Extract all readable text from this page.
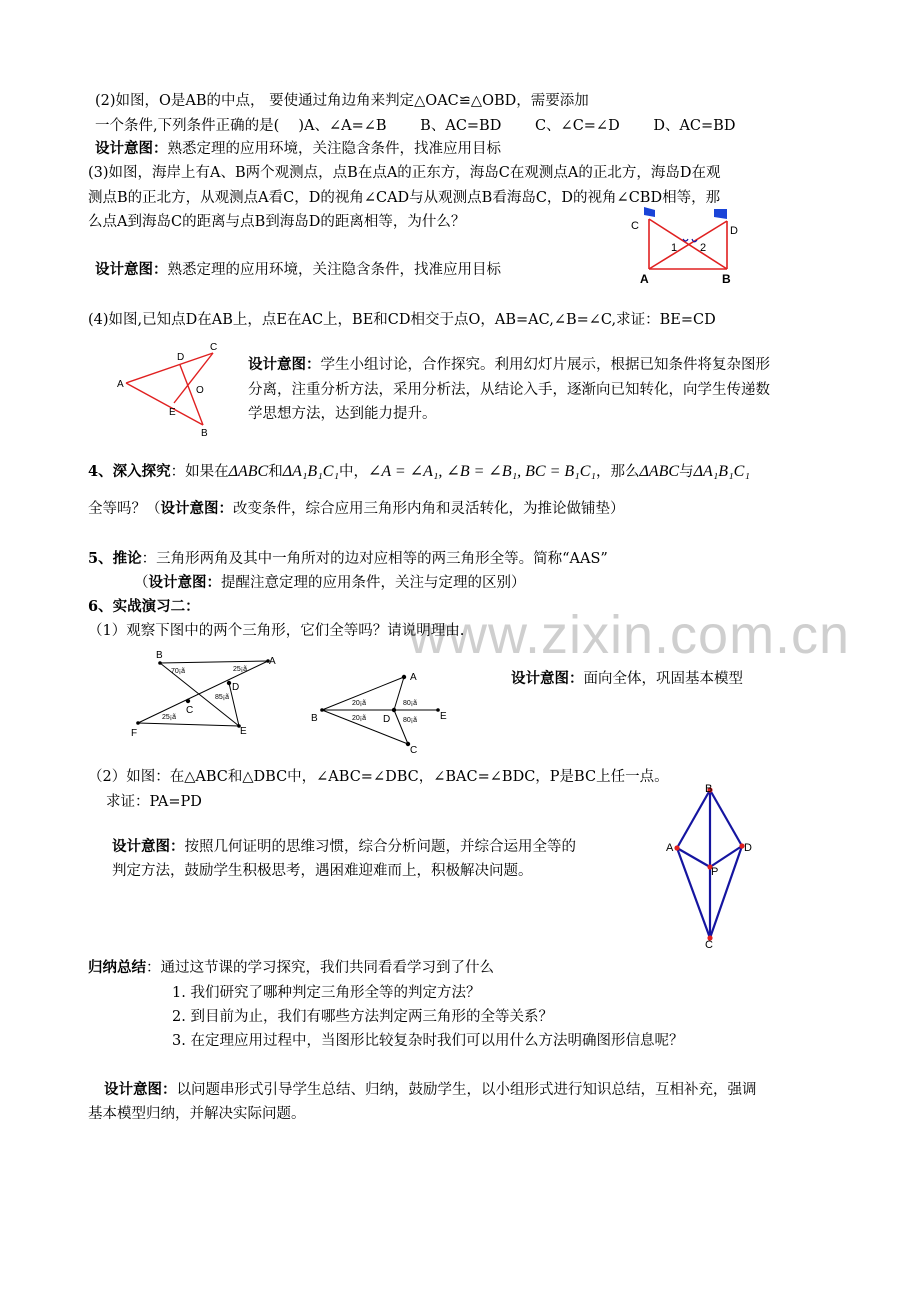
www.zixin.com.cn
(2)如图，O是AB的中点， 要使通过角边角来判定△OAC≌△OBD，需要添加
一个条件,下列条件正确的是(　 )A、∠A=∠B　　 B、AC=BD　　 C、∠C=∠D　　 D、AC=BD
设计意图：熟悉定理的应用环境，关注隐含条件，找准应用目标
(3)如图，海岸上有A、B两个观测点，点B在点A的正东方，海岛C在观测点A的正北方，海岛D在观
测点B的正北方，从观测点A看C，D的视角∠CAD与从观测点B看海岛C，D的视角∠CBD相等，那
么点A到海岛C的距离与点B到海岛D的距离相等，为什么？
设计意图：熟悉定理的应用环境，关注隐含条件，找准应用目标
C	D
1 2
A	B
(4)如图,已知点D在AB上，点E在AC上，BE和CD相交于点O，AB=AC,∠B=∠C,求证：BE=CD
C
D
A
O
E
B
设计意图：学生小组讨论，合作探究。利用幻灯片展示，根据已知条件将复杂图形
分离，注重分析方法，采用分析法，从结论入手，逐渐向已知转化，向学生传递数
学思想方法，达到能力提升。
4、深入探究：如果在ΔABC和ΔA₁B₁C₁中，∠A = ∠A₁, ∠B = ∠B₁, BC = B₁C₁，那么ΔABC与ΔA₁B₁C₁
全等吗？（设计意图：改变条件，综合应用三角形内角和灵活转化，为推论做铺垫）
5、推论：三角形两角及其中一角所对的边对应相等的两三角形全等。简称“AAS”
（设计意图：提醒注意定理的应用条件，关注与定理的区别）
6、实战演习二：
（1）观察下图中的两个三角形，它们全等吗？请说明理由.
B
A
D
C
F	E
70¡ã	25¡ã
85¡ã
25¡ã
A
B	D	E
C
20¡ã	80¡ã
20¡ã	80¡ã
设计意图：面向全体，巩固基本模型
（2）如图：在△ABC和△DBC中，∠ABC=∠DBC，∠BAC=∠BDC，P是BC上任一点。
求证：PA=PD
B
A	D
P
C
设计意图：按照几何证明的思维习惯，综合分析问题，并综合运用全等的
判定方法，鼓励学生积极思考，遇困难迎难而上，积极解决问题。
归纳总结：通过这节课的学习探究，我们共同看看学习到了什么
1. 我们研究了哪种判定三角形全等的判定方法？
2. 到目前为止，我们有哪些方法判定两三角形的全等关系？
3. 在定理应用过程中，当图形比较复杂时我们可以用什么方法明确图形信息呢？
设计意图：以问题串形式引导学生总结、归纳，鼓励学生，以小组形式进行知识总结，互相补充，强调
基本模型归纳，并解决实际问题。
